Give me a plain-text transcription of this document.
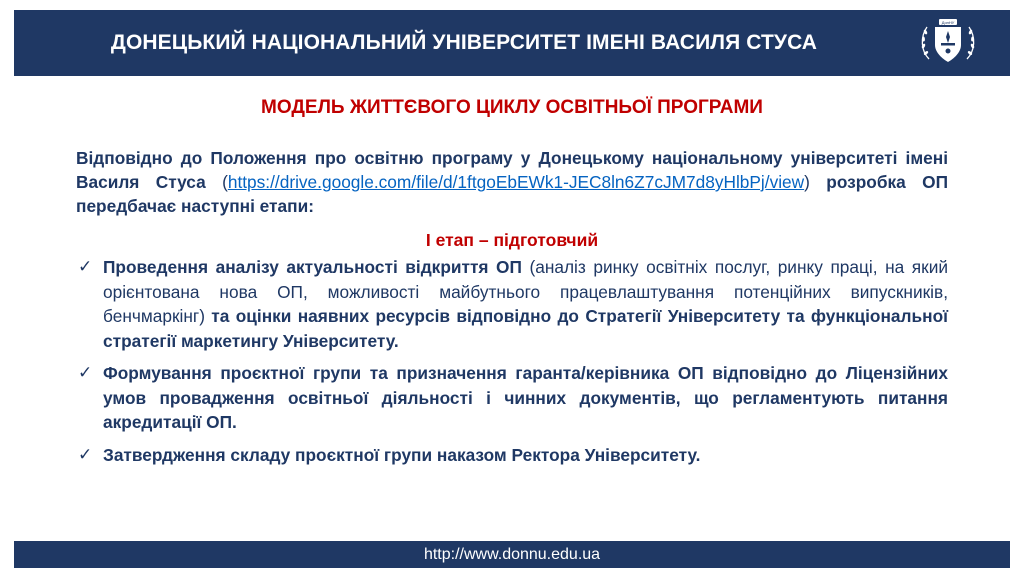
ДОНЕЦЬКИЙ НАЦІОНАЛЬНИЙ УНІВЕРСИТЕТ ІМЕНІ ВАСИЛЯ СТУСА
ДонНУ
МОДЕЛЬ ЖИТТЄВОГО ЦИКЛУ ОСВІТНЬОЇ ПРОГРАМИ
Відповідно до Положення про освітню програму у Донецькому національному університеті імені Василя Стуса (https://drive.google.com/file/d/1ftgoEbEWk1-JEC8ln6Z7cJM7d8yHlbPj/view) розробка ОП передбачає наступні етапи:
І етап – підготовчий
✓ Проведення аналізу актуальності відкриття ОП (аналіз ринку освітніх послуг, ринку праці, на який орієнтована нова ОП, можливості майбутнього працевлаштування потенційних випускників, бенчмаркінг) та оцінки наявних ресурсів відповідно до Стратегії Університету та функціональної стратегії маркетингу Університету.
✓ Формування проєктної групи та призначення гаранта/керівника ОП відповідно до Ліцензійних умов провадження освітньої діяльності і чинних документів, що регламентують питання акредитації ОП.
✓ Затвердження складу проєктної групи наказом Ректора Університету.
http://www.donnu.edu.ua
